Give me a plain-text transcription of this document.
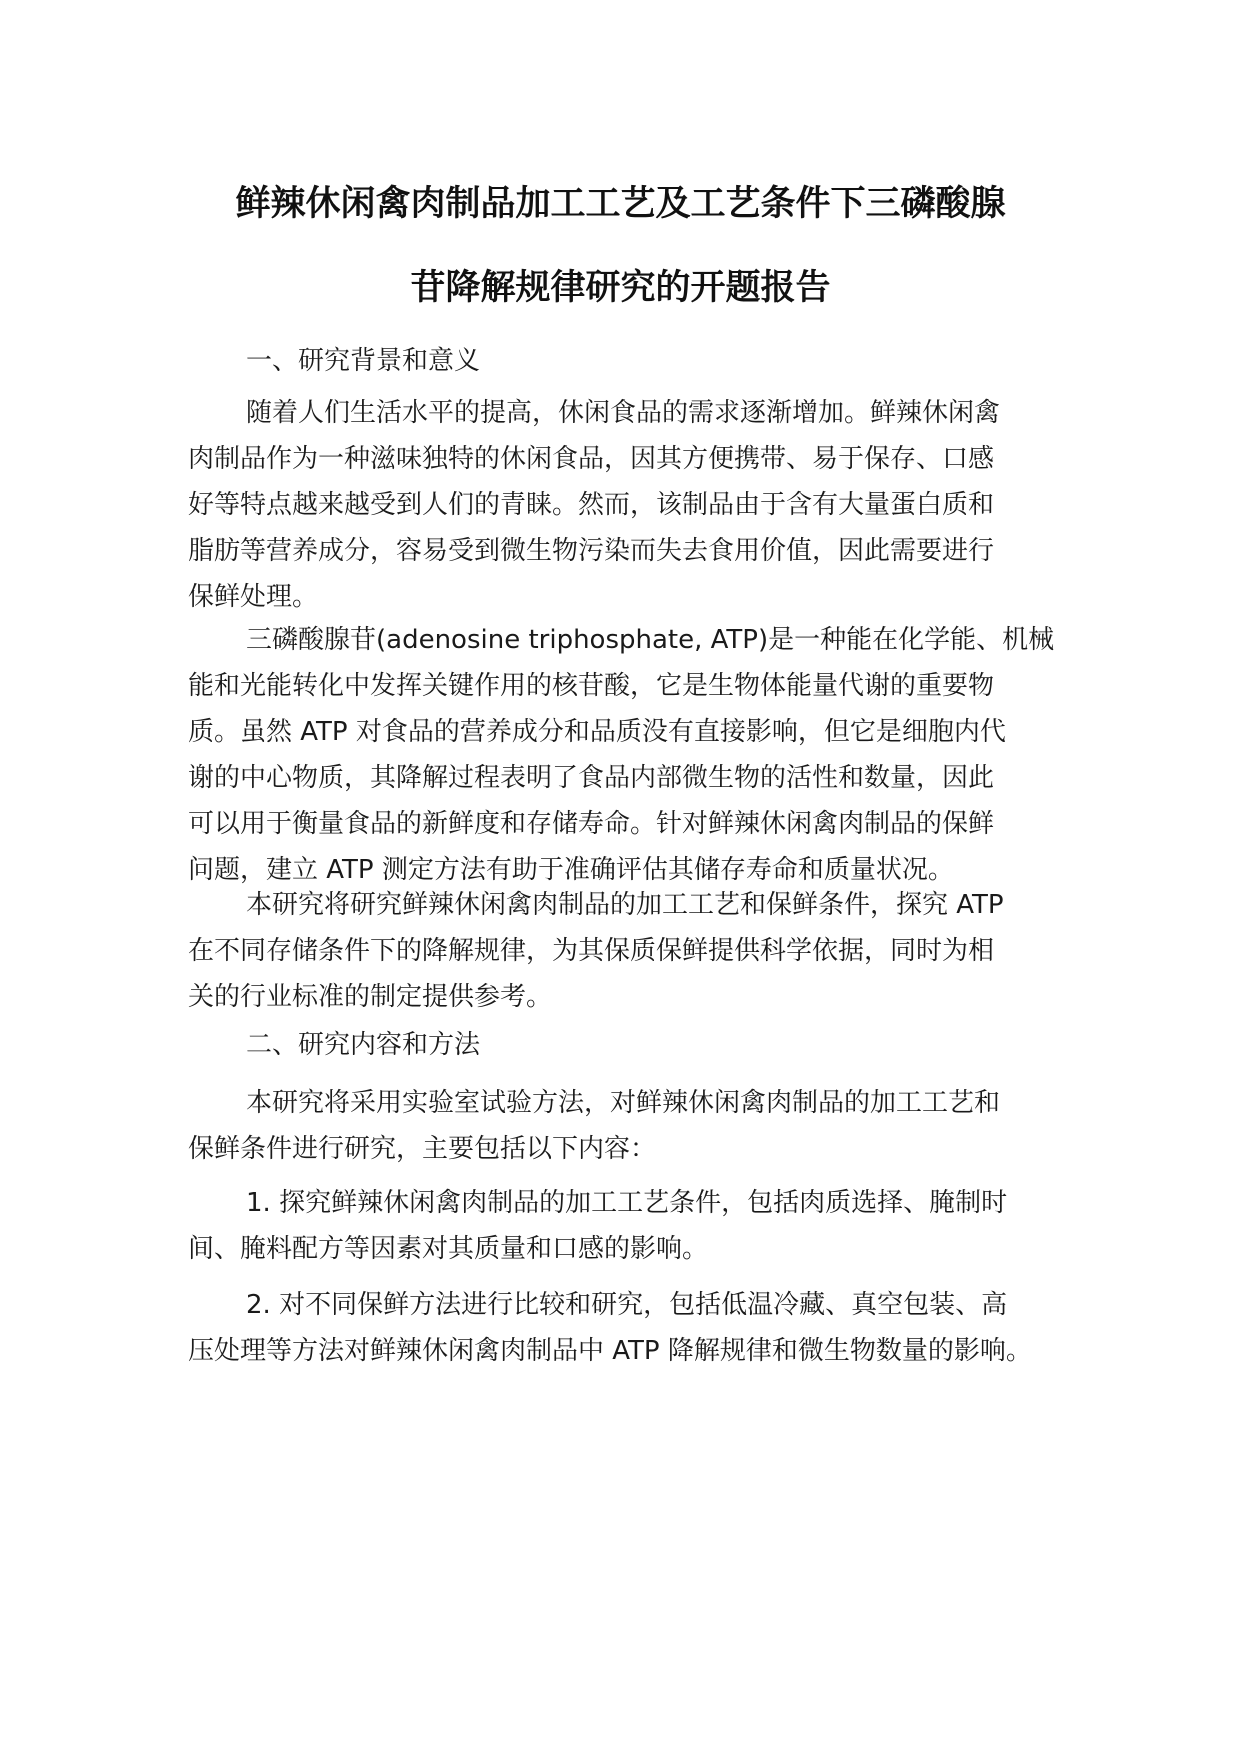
鲜辣休闲禽肉制品加工工艺及工艺条件下三磷酸腺
苷降解规律研究的开题报告
一、研究背景和意义
随着人们生活水平的提高，休闲食品的需求逐渐增加。鲜辣休闲禽
肉制品作为一种滋味独特的休闲食品，因其方便携带、易于保存、口感
好等特点越来越受到人们的青睐。然而，该制品由于含有大量蛋白质和
脂肪等营养成分，容易受到微生物污染而失去食用价值，因此需要进行
保鲜处理。
三磷酸腺苷(adenosine triphosphate, ATP)是一种能在化学能、机械
能和光能转化中发挥关键作用的核苷酸，它是生物体能量代谢的重要物
质。虽然 ATP 对食品的营养成分和品质没有直接影响，但它是细胞内代
谢的中心物质，其降解过程表明了食品内部微生物的活性和数量，因此
可以用于衡量食品的新鲜度和存储寿命。针对鲜辣休闲禽肉制品的保鲜
问题，建立 ATP 测定方法有助于准确评估其储存寿命和质量状况。
本研究将研究鲜辣休闲禽肉制品的加工工艺和保鲜条件，探究 ATP
在不同存储条件下的降解规律，为其保质保鲜提供科学依据，同时为相
关的行业标准的制定提供参考。
二、研究内容和方法
本研究将采用实验室试验方法，对鲜辣休闲禽肉制品的加工工艺和
保鲜条件进行研究，主要包括以下内容：
1. 探究鲜辣休闲禽肉制品的加工工艺条件，包括肉质选择、腌制时
间、腌料配方等因素对其质量和口感的影响。
2. 对不同保鲜方法进行比较和研究，包括低温冷藏、真空包装、高
压处理等方法对鲜辣休闲禽肉制品中 ATP 降解规律和微生物数量的影响。
